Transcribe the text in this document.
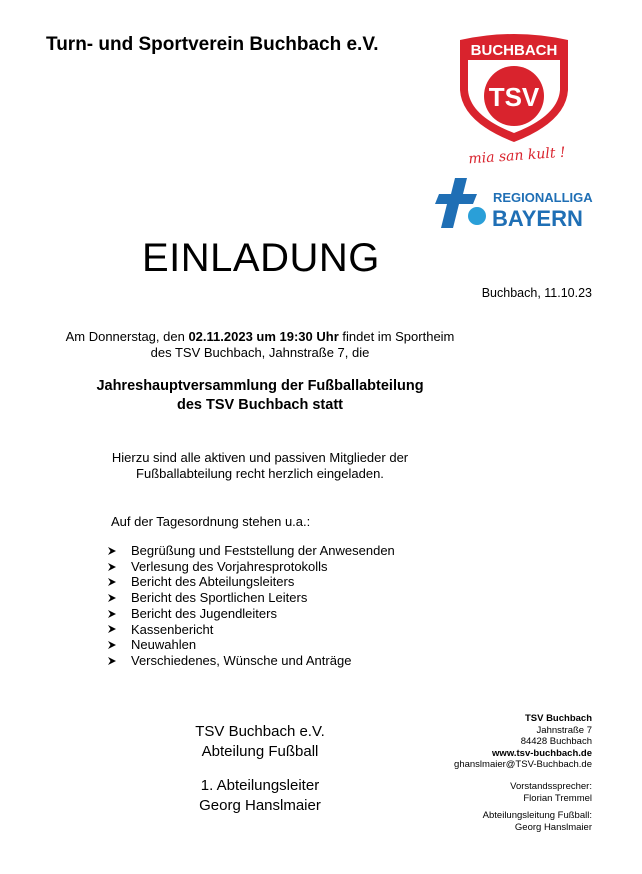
Turn- und Sportverein Buchbach e.V.	BUCHBACH
TSV
mia san kult !
REGIONALLIGA
BAYERN
EINLADUNG
Buchbach, 11.10.23
Am Donnerstag, den 02.11.2023 um 19:30 Uhr findet im Sportheim
des TSV Buchbach, Jahnstraße 7, die
Jahreshauptversammlung der Fußballabteilung
des TSV Buchbach statt
Hierzu sind alle aktiven und passiven Mitglieder der
Fußballabteilung recht herzlich eingeladen.
Auf der Tagesordnung stehen u.a.:
Begrüßung und Feststellung der Anwesenden
Verlesung des Vorjahresprotokolls
Bericht des Abteilungsleiters
Bericht des Sportlichen Leiters
Bericht des Jugendleiters
Kassenbericht
Neuwahlen
Verschiedenes, Wünsche und Anträge
TSV Buchbach e.V.
Abteilung Fußball
1. Abteilungsleiter
Georg Hanslmaier
TSV Buchbach
Jahnstraße 7
84428 Buchbach
www.tsv-buchbach.de
ghanslmaier@TSV-Buchbach.de
Vorstandssprecher:
Florian Tremmel
Abteilungsleitung Fußball:
Georg Hanslmaier
